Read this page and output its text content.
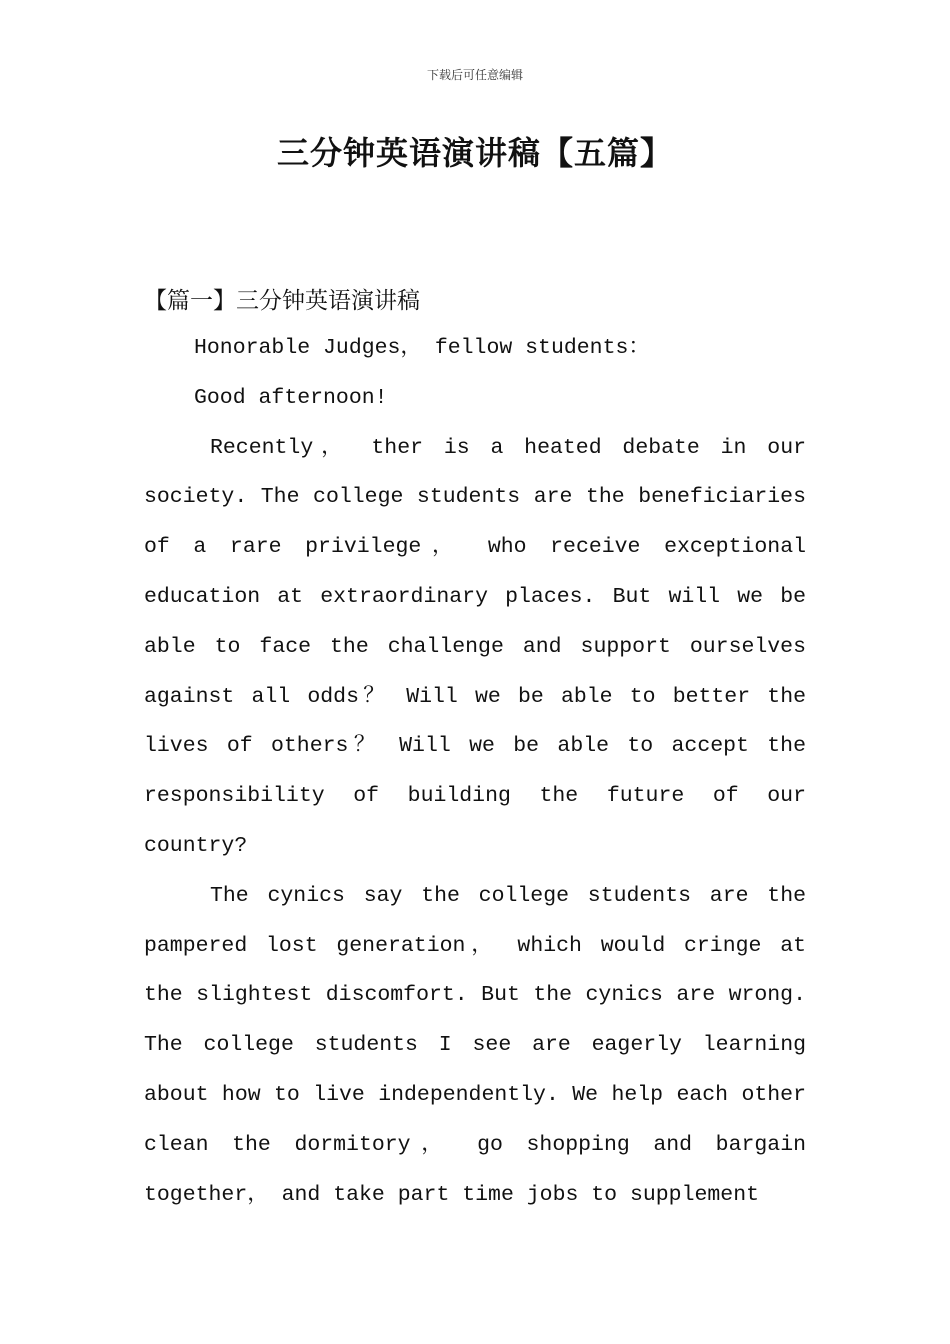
下载后可任意编辑
三分钟英语演讲稿【五篇】
【篇一】三分钟英语演讲稿

Honorable Judges， fellow students：

Good afternoon!

Recently， ther is a heated debate in our society. The college students are the beneficiaries of a rare privilege， who receive exceptional education at extraordinary places. But will we be able to face the challenge and support ourselves against all odds？ Will we be able to better the lives of others？ Will we be able to accept the responsibility of building the future of our country?

The cynics say the college students are the pampered lost generation， which would cringe at the slightest discomfort. But the cynics are wrong. The college students I see are eagerly learning about how to live independently. We help each other clean the dormitory， go shopping and bargain together， and take part time jobs to supplement
